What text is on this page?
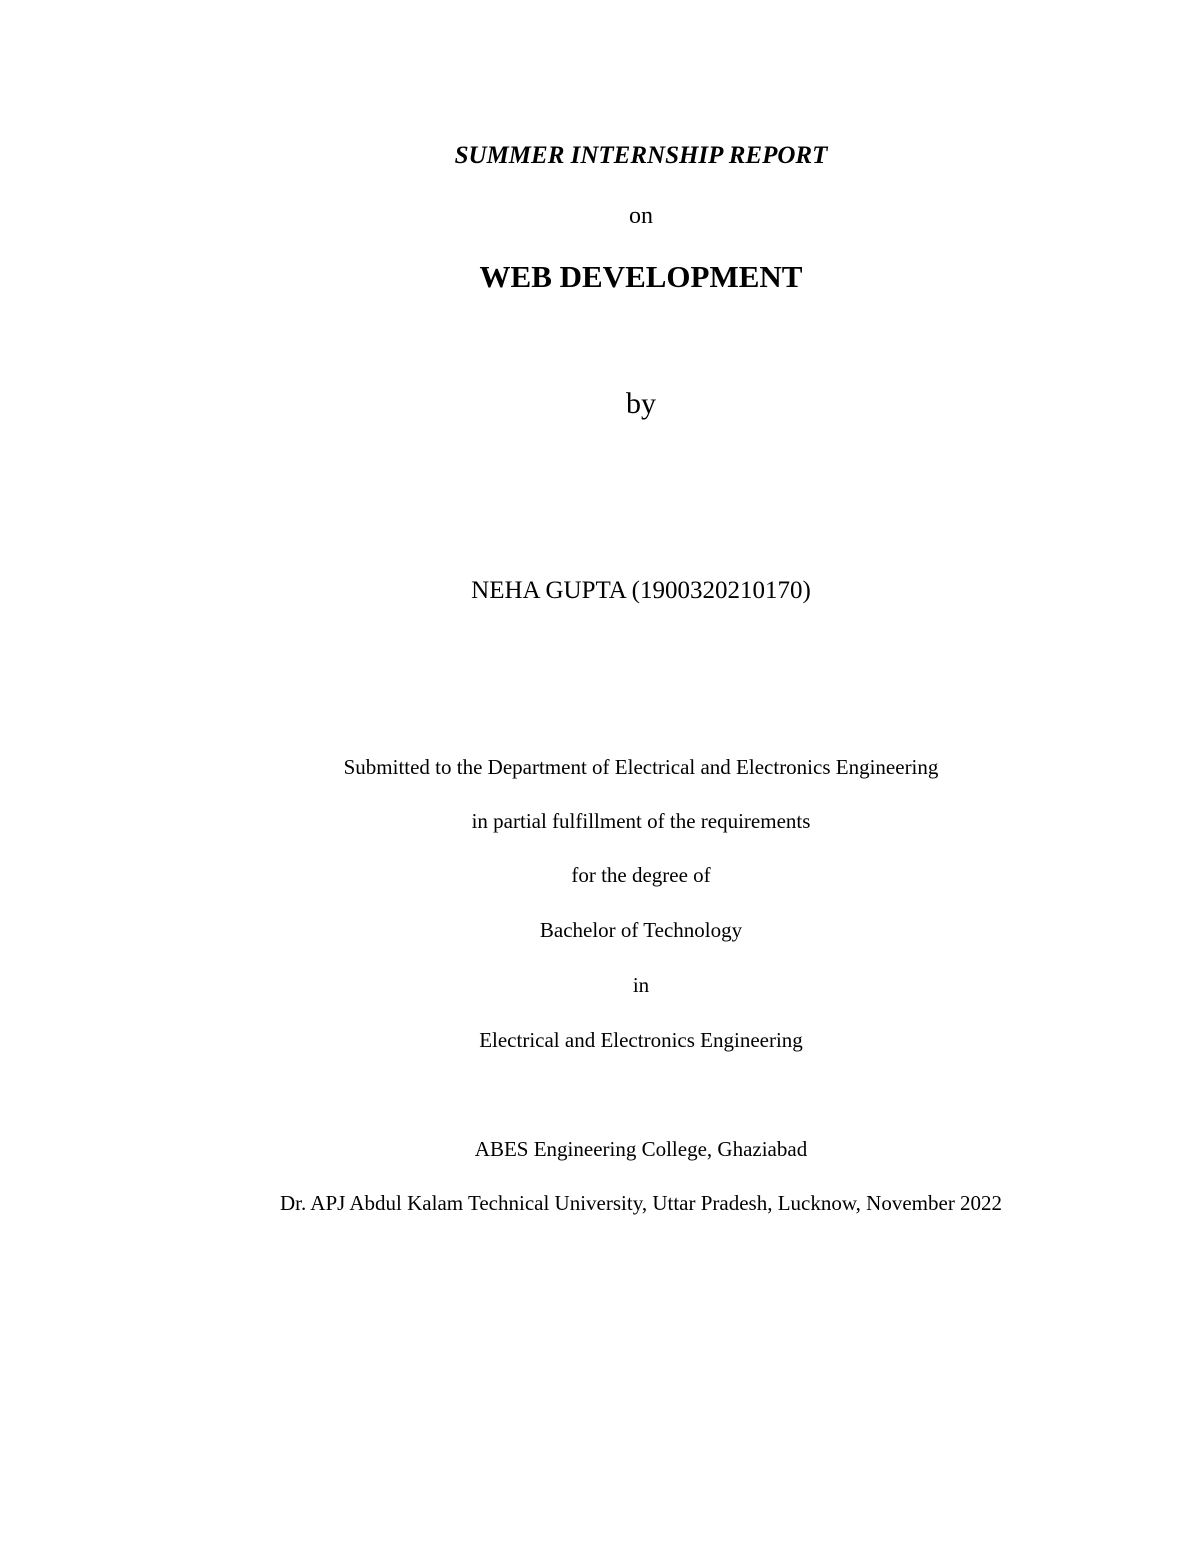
SUMMER INTERNSHIP REPORT
on
WEB DEVELOPMENT
by
NEHA GUPTA (1900320210170)
Submitted to the Department of Electrical and Electronics Engineering
in partial fulfillment of the requirements
for the degree of
Bachelor of Technology
in
Electrical and Electronics Engineering
ABES Engineering College, Ghaziabad
Dr. APJ Abdul Kalam Technical University, Uttar Pradesh, Lucknow, November 2022
